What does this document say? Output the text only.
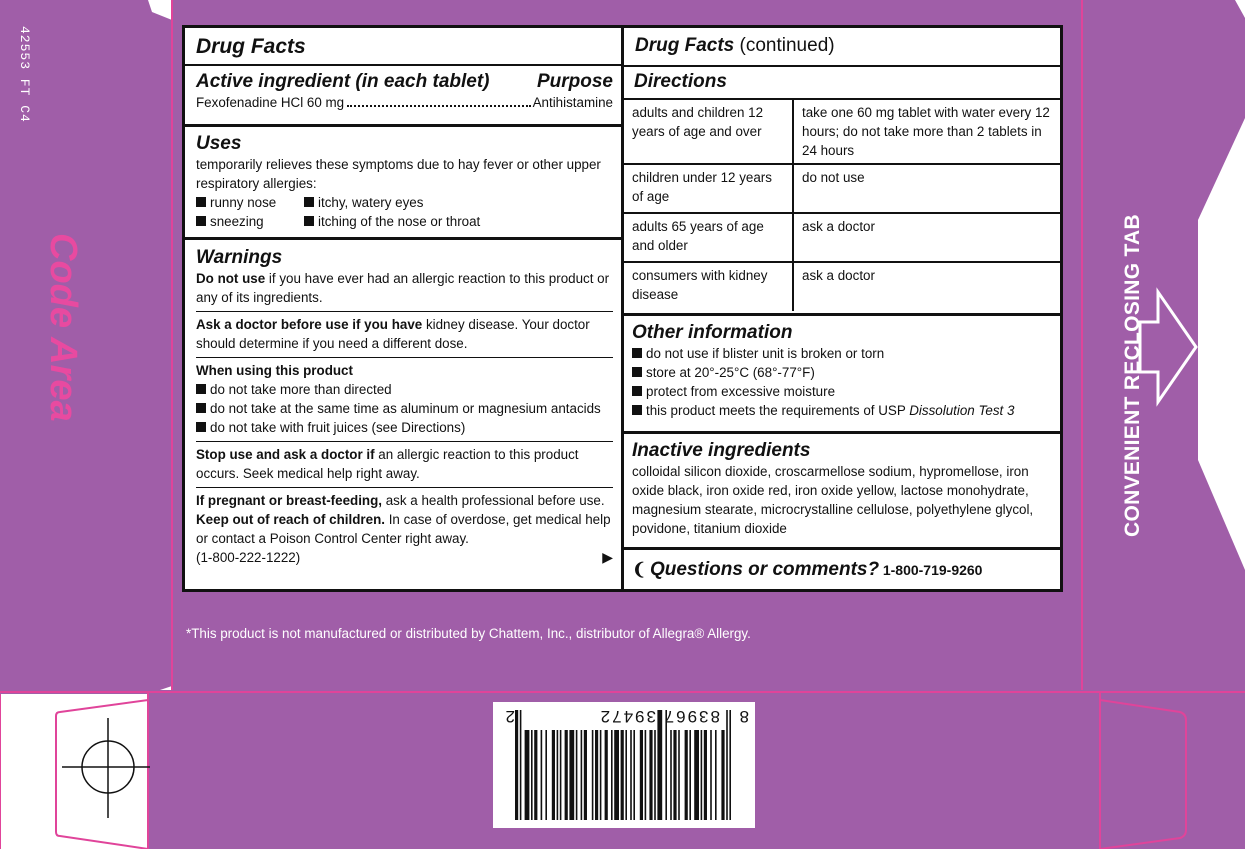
42553 FT C4
Code Area	CONVENIENT RECLOSING TAB
Drug Facts
Active ingredient (in each tablet) Purpose
Fexofenadine HCl 60 mg	Antihistamine
Uses
temporarily relieves these symptoms due to hay fever or other upper respiratory allergies:
runny nose	itchy, watery eyes
sneezing	itching of the nose or throat
Warnings
Do not use if you have ever had an allergic reaction to this product or any of its ingredients.
Ask a doctor before use if you have kidney disease. Your doctor should determine if you need a different dose.
When using this product
do not take more than directed
do not take at the same time as aluminum or magnesium antacids
do not take with fruit juices (see Directions)
Stop use and ask a doctor if an allergic reaction to this product occurs. Seek medical help right away.
If pregnant or breast-feeding, ask a health professional before use.
Keep out of reach of children. In case of overdose, get medical help or contact a Poison Control Center right away.
(1-800-222-1222)	▶
Drug Facts (continued)
Directions
adults and children 12 years of age and over	take one 60 mg tablet with water every 12 hours; do not take more than 2 tablets in 24 hours
children under 12 years of age	do not use
adults 65 years of age and older	ask a doctor
consumers with kidney disease	ask a doctor
Other information
do not use if blister unit is broken or torn
store at 20°-25°C (68°-77°F)
protect from excessive moisture
this product meets the requirements of USP Dissolution Test 3
Inactive ingredients
colloidal silicon dioxide, croscarmellose sodium, hypromellose, iron oxide black, iron oxide red, iron oxide yellow, lactose monohydrate, magnesium stearate, microcrystalline cellulose, polyethylene glycol, povidone, titanium dioxide
❨ Questions or comments? 1-800-719-9260
*This product is not manufactured or distributed by Chattem, Inc., distributor of Allegra® Allergy.
8
83967 39472
2
